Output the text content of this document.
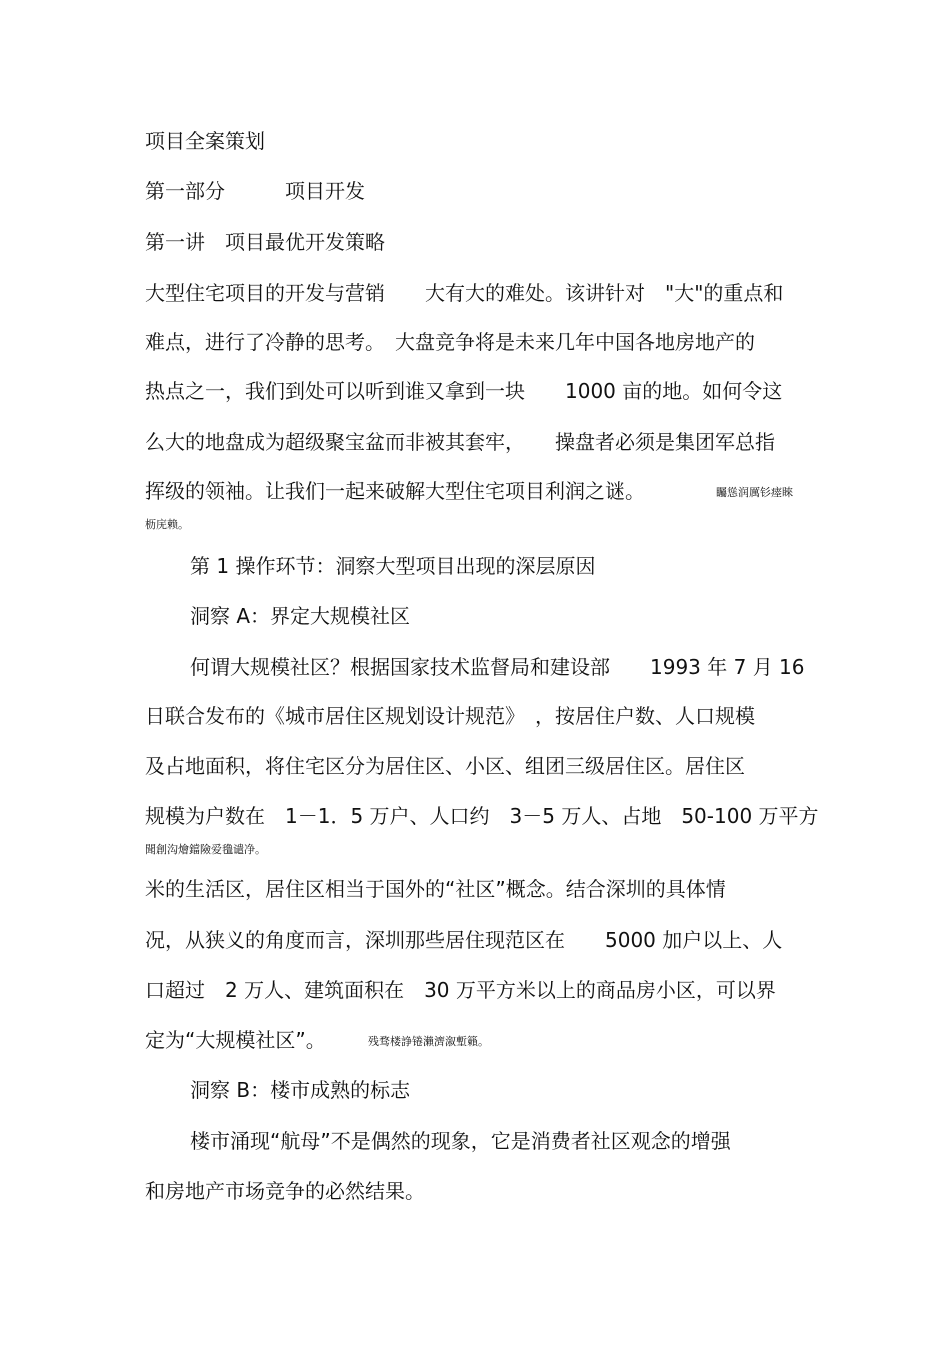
项目全案策划

第一部分　　　项目开发

第一讲　项目最优开发策略

大型住宅项目的开发与营销　　大有大的难处。该讲针对　"大"的重点和

难点，进行了冷静的思考。　大盘竞争将是未来几年中国各地房地产的

热点之一，我们到处可以听到谁又拿到一块　　1000 亩的地。如何令这

么大的地盘成为超级聚宝盆而非被其套牢，　　操盘者必须是集团军总指

挥级的领袖。让我们一起来破解大型住宅项目利润之谜。	矚慫润厲钐瘗睞

枥庑赖。

第 1 操作环节：洞察大型项目出现的深层原因

洞察 A：界定大规模社区

何谓大规模社区？根据国家技术监督局和建设部　　1993 年 7 月 16

日联合发布的《城市居住区规划设计规范》　，按居住户数、人口规模

及占地面积，将住宅区分为居住区、小区、组团三级居住区。居住区

规模为户数在　1－1．5 万户、人口约　3－5 万人、占地　50-100 万平方

聞創沟燴鐺險爱氇谴净。

米的生活区，居住区相当于国外的“社区”概念。结合深圳的具体情

况，从狭义的角度而言，深圳那些居住现范区在　　5000 加户以上、人

口超过　2 万人、建筑面积在　30 万平方米以上的商品房小区，可以界

定为“大规模社区”。	残骛楼諍锩瀨濟溆塹籟。

洞察 B：楼市成熟的标志

楼市涌现“航母”不是偶然的现象，它是消费者社区观念的增强

和房地产市场竞争的必然结果。
